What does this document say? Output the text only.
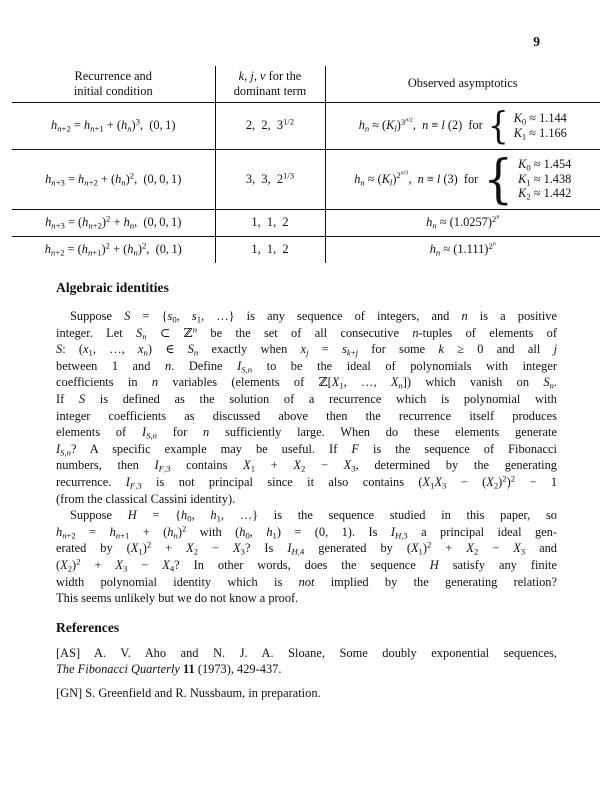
9
Recurrence and
initial condition	k, j, ν for the
dominant term	Observed asymptotics
$h_{n+2} = h_{n+1} + (h_n)^3$,  (0, 1)	2,  2,  $3^{1/2}$	$h_n \approx (K_l)^{3^{n/2}}$,  n ≡ l (2)  for { $K_0 \approx 1.144$
$K_1 \approx 1.166$

$h_{n+3} = h_{n+2} + (h_n)^2$,  (0, 0, 1)	3,  3,  $2^{1/3}$	$h_n \approx (K_l)^{2^{n/3}}$,  n ≡ l (3)  for { $K_0 \approx 1.454$
$K_1 \approx 1.438$
$K_2 \approx 1.442$

$h_{n+3} = (h_{n+2})^2 + h_n$,  (0, 0, 1)	1,  1,  2	$h_n \approx (1.0257)^{2^n}$
$h_{n+2} = (h_{n+1})^2 + (h_n)^2$,  (0, 1)	1,  1,  2	$h_n \approx (1.111)^{2^n}$
Algebraic identities
Suppose $S = \{s_0$, $s_1$, …} is any sequence of integers, and n is a positive
integer. Let $S_n$ ⊂ ℤ$^n$ be the set of all consecutive n-tuples of elements of
S: ($x_1$, …, $x_n$) ∈ $S_n$ exactly when $x_j = s_{k+j}$ for some k ≥ 0 and all j
between 1 and n. Define $I_{S,n}$ to be the ideal of polynomials with integer
coefficients in n variables (elements of $ℤ[X_1$, …, $X_n$]) which vanish on $S_n$.
If S is defined as the solution of a recurrence which is polynomial with
integer coefficients as discussed above then the recurrence itself produces
elements of $I_{S,n}$ for n sufficiently large. When do these elements generate
$I_{S,n}$? A specific example may be useful. If F is the sequence of Fibonacci
numbers, then $I_{F,3}$ contains $X_1 + X_2 - X_3$, determined by the generating
recurrence. $I_{F,3}$ is not principal since it also contains $(X_1X_3 - (X_2)^2)^2 - 1$
(from the classical Cassini identity).
Suppose $H = \{h_0$, $h_1$, …} is the sequence studied in this paper, so
$h_{n+2} = h_{n+1} + (h_n)^2$ with ($h_0$, $h_1) = (0$, 1). Is $I_{H,3}$ a principal ideal gen-
erated by $(X_1)^2 + X_2 - X_3$? Is $I_{H,4}$ generated by $(X_1)^2 + X_2 - X_3$ and
$(X_2)^2 + X_3 - X_4$? In other words, does the sequence H satisfy any finite
width polynomial identity which is not implied by the generating relation?
This seems unlikely but we do not know a proof.
References
[AS] A. V. Aho and N. J. A. Sloane, Some doubly exponential sequences,
The Fibonacci Quarterly 11 (1973), 429-437.
[GN] S. Greenfield and R. Nussbaum, in preparation.
